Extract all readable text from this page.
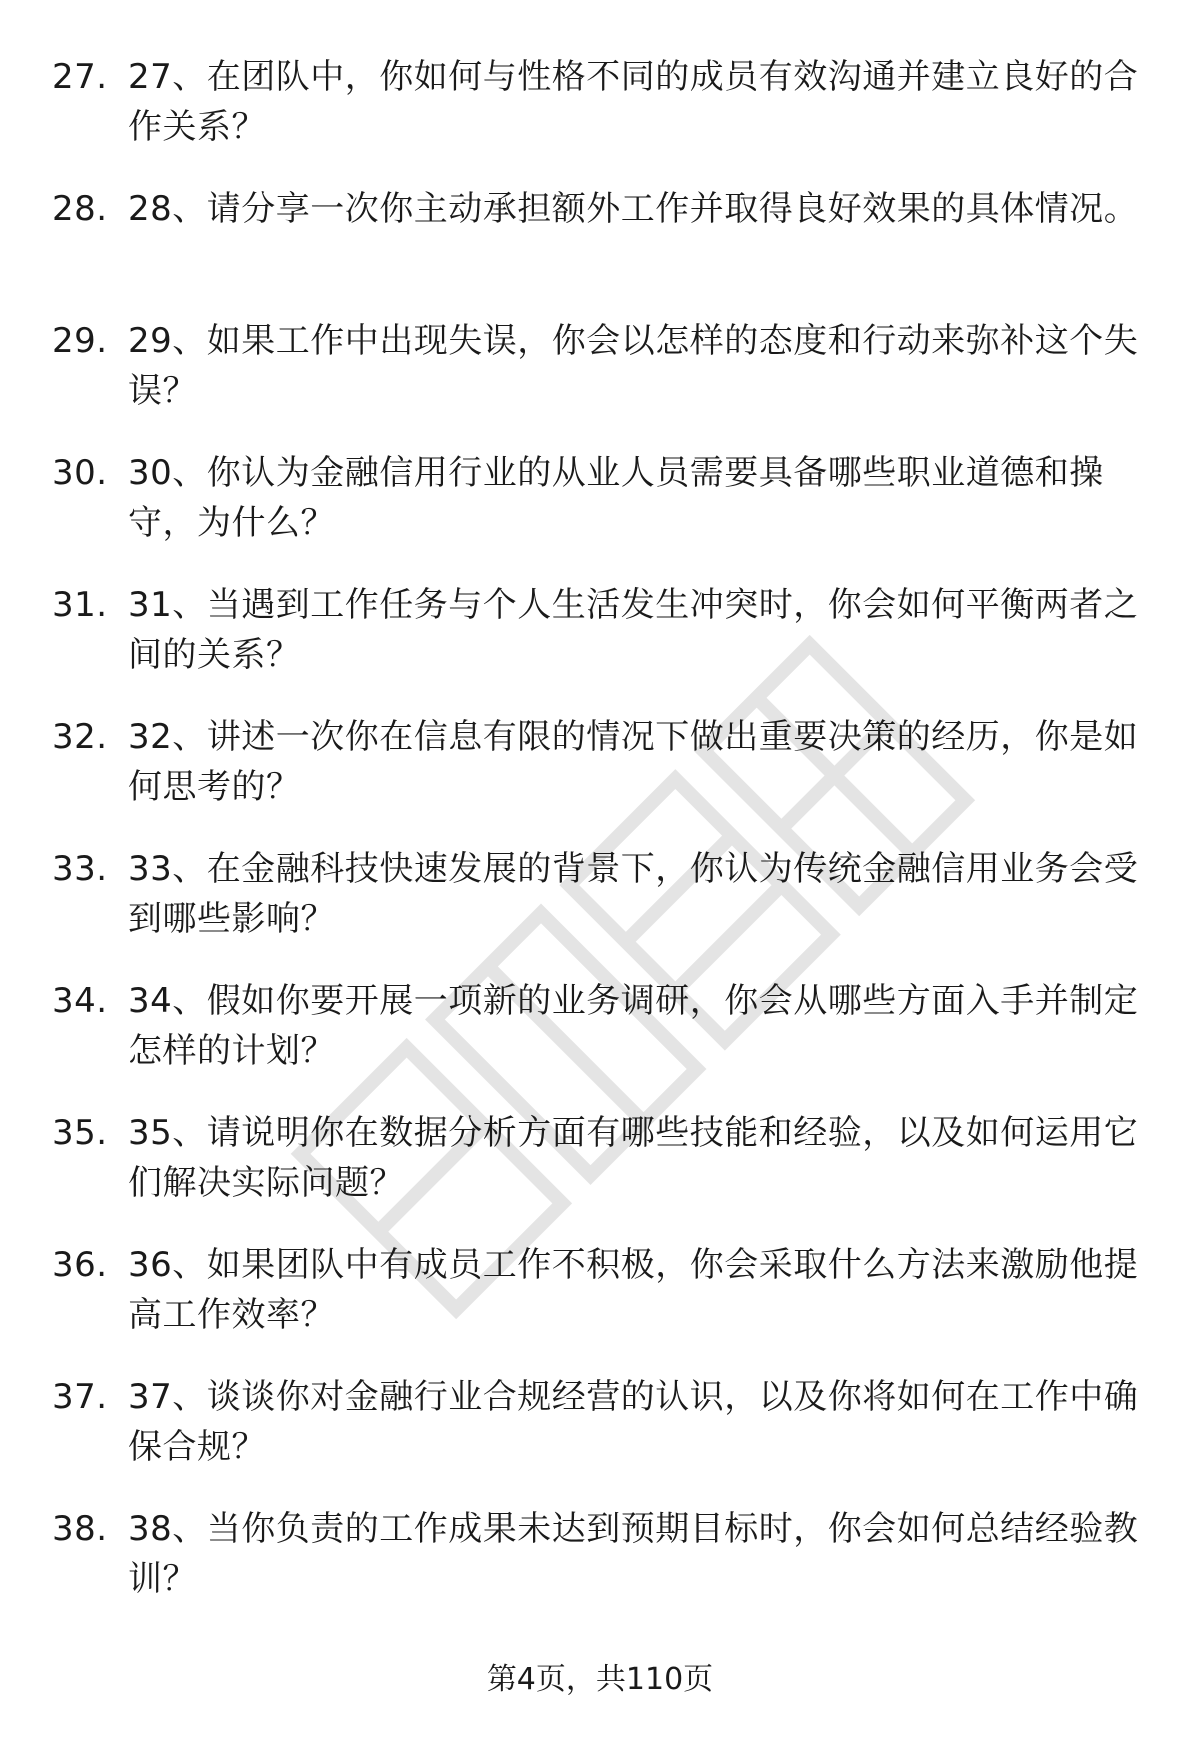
27. 27、在团队中，你如何与性格不同的成员有效沟通并建立良好的合作关系？
28. 28、请分享一次你主动承担额外工作并取得良好效果的具体情况。
29. 29、如果工作中出现失误，你会以怎样的态度和行动来弥补这个失误？
30. 30、你认为金融信用行业的从业人员需要具备哪些职业道德和操守，为什么？
31. 31、当遇到工作任务与个人生活发生冲突时，你会如何平衡两者之间的关系？
32. 32、讲述一次你在信息有限的情况下做出重要决策的经历，你是如何思考的？
33. 33、在金融科技快速发展的背景下，你认为传统金融信用业务会受到哪些影响？
34. 34、假如你要开展一项新的业务调研，你会从哪些方面入手并制定怎样的计划？
35. 35、请说明你在数据分析方面有哪些技能和经验，以及如何运用它们解决实际问题？
36. 36、如果团队中有成员工作不积极，你会采取什么方法来激励他提高工作效率？
37. 37、谈谈你对金融行业合规经营的认识，以及你将如何在工作中确保合规？
38. 38、当你负责的工作成果未达到预期目标时，你会如何总结经验教训？
第4页，共110页
